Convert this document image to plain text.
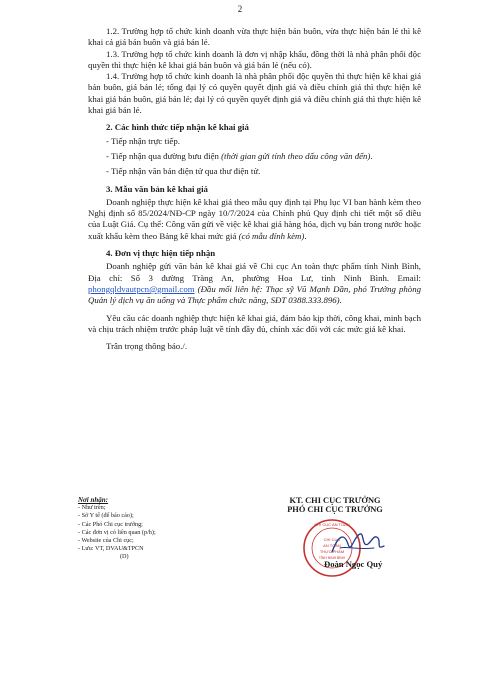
2

1.2. Trường hợp tổ chức kinh doanh vừa thực hiện bán buôn, vừa thực hiện bán lẻ thì kê khai cả giá bán buôn và giá bán lẻ.

1.3. Trường hợp tổ chức kinh doanh là đơn vị nhập khẩu, đồng thời là nhà phân phối độc quyền thì thực hiện kê khai giá bán buôn và giá bán lẻ (nếu có).

1.4. Trường hợp tổ chức kinh doanh là nhà phân phối độc quyền thì thực hiện kê khai giá bán buôn, giá bán lẻ; tổng đại lý có quyền quyết định giá và điều chỉnh giá thì thực hiện kê khai giá bán buôn, giá bán lẻ; đại lý có quyền quyết định giá và điều chỉnh giá thì thực hiện kê khai giá bán lẻ.

2. Các hình thức tiếp nhận kê khai giá

- Tiếp nhận trực tiếp.

- Tiếp nhận qua đường bưu điện (thời gian gửi tính theo dấu công văn đến).

- Tiếp nhận văn bản điện tử qua thư điện tử.

3. Mẫu văn bản kê khai giá

Doanh nghiệp thực hiện kê khai giá theo mẫu quy định tại Phụ lục VI ban hành kèm theo Nghị định số 85/2024/NĐ-CP ngày 10/7/2024 của Chính phủ Quy định chi tiết một số điều của Luật Giá. Cụ thể: Công văn gửi về việc kê khai giá hàng hóa, dịch vụ bán trong nước hoặc xuất khẩu kèm theo Bảng kê khai mức giá (có mẫu đính kèm).

4. Đơn vị thực hiện tiếp nhận

Doanh nghiệp gửi văn bản kê khai giá về Chi cục An toàn thực phẩm tỉnh Ninh Bình, Địa chỉ: Số 3 đường Tràng An, phường Hoa Lư, tỉnh Ninh Bình. Email: phongqldvautpcn@gmail.com (Đầu mối liên hệ: Thạc sỹ Vũ Mạnh Dần, phó Trưởng phòng Quản lý dịch vụ ăn uống và Thực phẩm chức năng, SĐT 0388.333.896).

Yêu cầu các doanh nghiệp thực hiện kê khai giá, đảm bảo kịp thời, công khai, minh bạch và chịu trách nhiệm trước pháp luật về tính đầy đủ, chính xác đối với các mức giá kê khai.

Trân trọng thông báo./.

Nơi nhận:
- Như trên;
- Sở Y tế (để báo cáo);
- Các Phó Chi cục trưởng;
- Các đơn vị có liên quan (p/h);
- Website của Chi cục;
- Lưu: VT, DVAU&TPCN
(D)
KT. CHI CỤC TRƯỞNG
PHÓ CHI CỤC TRƯỞNG
CHI CỤC AN TOÀN
CHI CỤC
AN TOÀN
THỰC PHẨM
TỈNH NINH BÌNH
Đoàn Ngọc Quý
